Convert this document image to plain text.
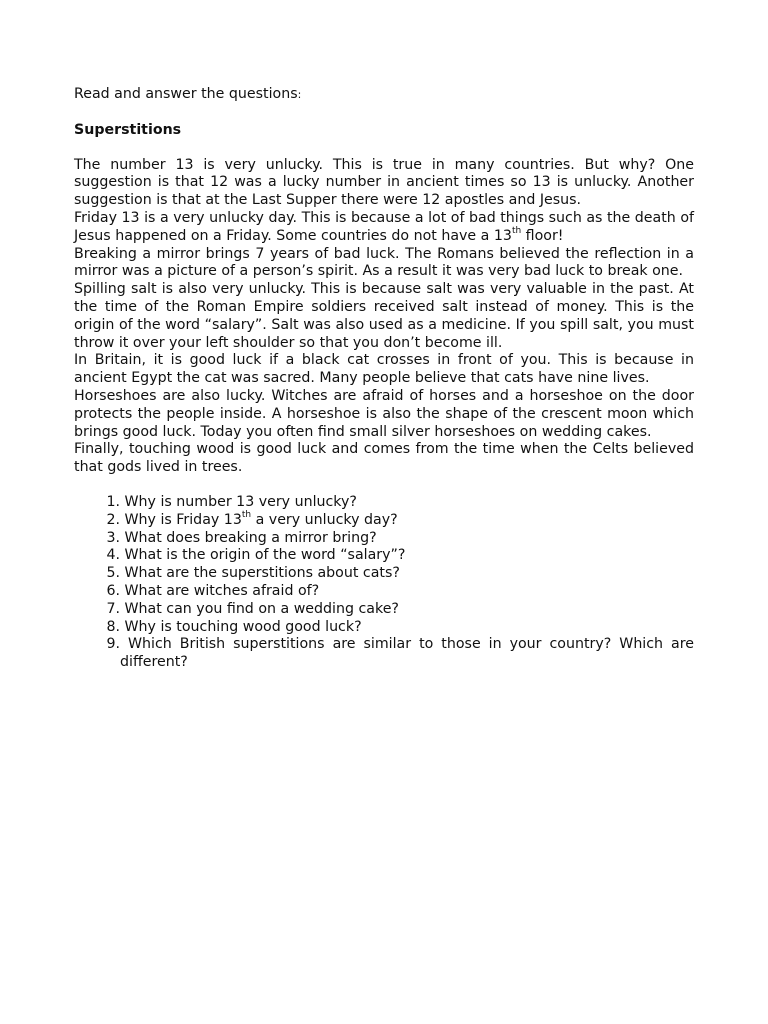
Read and answer the questions:

Superstitions

The number 13 is very unlucky. This is true in many countries. But why? One suggestion is that 12 was a lucky number in ancient times so 13 is unlucky. Another suggestion is that at the Last Supper there were 12 apostles and Jesus.

Friday 13 is a very unlucky day. This is because a lot of bad things such as the death of Jesus happened on a Friday. Some countries do not have a 13th floor!

Breaking a mirror brings 7 years of bad luck. The Romans believed the reflection in a mirror was a picture of a person’s spirit. As a result it was very bad luck to break one.

Spilling salt is also very unlucky. This is because salt was very valuable in the past. At the time of the Roman Empire soldiers received salt instead of money. This is the origin of the word “salary”. Salt was also used as a medicine. If you spill salt, you must throw it over your left shoulder so that you don’t become ill.

In Britain, it is good luck if a black cat crosses in front of you. This is because in ancient Egypt the cat was sacred. Many people believe that cats have nine lives.

Horseshoes are also lucky. Witches are afraid of horses and a horseshoe on the door protects the people inside. A horseshoe is also the shape of the crescent moon which brings good luck. Today you often find small silver horseshoes on wedding cakes.

Finally, touching wood is good luck and comes from the time when the Celts believed that gods lived in trees.

1. Why is number 13 very unlucky?
2. Why is Friday 13th a very unlucky day?
3. What does breaking a mirror bring?
4. What is the origin of the word “salary”?
5. What are the superstitions about cats?
6. What are witches afraid of?
7. What can you find on a wedding cake?
8. Why is touching wood good luck?
9. Which British superstitions are similar to those in your country? Which are different?
